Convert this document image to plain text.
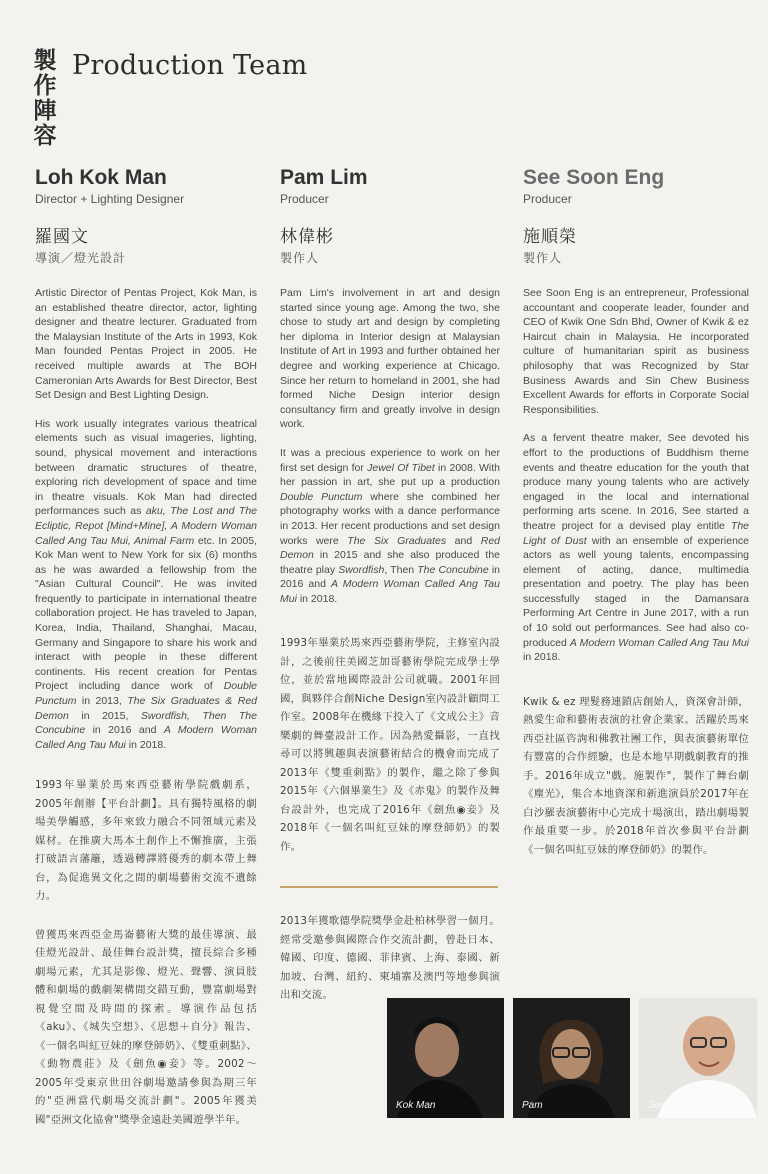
製
作
陣
容
Production Team
Loh Kok Man
Director + Lighting Designer
羅國文
導演／燈光設計

Artistic Director of Pentas Project, Kok Man, is an established theatre director, actor, lighting designer and theatre lecturer. Graduated from the Malaysian Institute of the Arts in 1993, Kok Man founded Pentas Project in 2005. He received multiple awards at The BOH Cameronian Arts Awards for Best Director, Best Set Design and Best Lighting Design.

His work usually integrates various theatrical elements such as visual imageries, lighting, sound, physical movement and interactions between dramatic structures of theatre, exploring rich development of space and time in theatre visuals. Kok Man had directed performances such as aku, The Lost and The Ecliptic, Repot [Mind+Mine], A Modern Woman Called Ang Tau Mui, Animal Farm etc. In 2005, Kok Man went to New York for six (6) months as he was awarded a fellowship from the "Asian Cultural Council". He was invited frequently to participate in international theatre collaboration project. He has traveled to Japan, Korea, India, Thailand, Shanghai, Macau, Germany and Singapore to share his work and interact with people in these different continents. His recent creation for Pentas Project including dance work of Double Punctum in 2013, The Six Graduates & Red Demon in 2015, Swordfish, Then The Concubine in 2016 and A Modern Woman Called Ang Tau Mui in 2018.

1993年畢業於馬來西亞藝術學院戲劇系，2005年創辦【平台計劃】。具有獨特風格的劇場美學觸感，多年來致力融合不同領域元素及媒材。在推廣大馬本土創作上不懈推廣，主張打破語言藩籬，透過轉譯將優秀的劇本帶上舞台，為促進異文化之間的劇場藝術交流不遺餘力。

曾獲馬來西亞金馬崙藝術大獎的最佳導演、最佳燈光設計、最佳舞台設計獎，擅長綜合多種劇場元素，尤其是影像、燈光、聲響、演員肢體和劇場的戲劇架構間交錯互動，豐富劇場對視覺空間及時間的探索。導演作品包括《aku》、《城失空想》、《思想＋自分》報告、《一個名叫紅豆妹的摩登師奶》、《雙重刺點》、《動物農莊》及《劍魚◉妾》等。2002～2005年受東京世田谷劇場邀請參與為期三年的"亞洲當代劇場交流計劃"。2005年獲美國"亞洲文化協會"獎學金遠赴美國遊學半年。

Pam Lim
Producer
林偉彬
製作人

Pam Lim's involvement in art and design started since young age. Among the two, she chose to study art and design by completing her diploma in Interior design at Malaysian Institute of Art in 1993 and further obtained her degree and working experience at Chicago. Since her return to homeland in 2001, she had formed Niche Design interior design consultancy firm and greatly involve in design work.

It was a precious experience to work on her first set design for Jewel Of Tibet in 2008. With her passion in art, she put up a production Double Punctum where she combined her photography works with a dance performance in 2013. Her recent productions and set design works were The Six Graduates and Red Demon in 2015 and she also produced the theatre play Swordfish, Then The Concubine in 2016 and A Modern Woman Called Ang Tau Mui in 2018.

1993年畢業於馬來西亞藝術學院，主修室內設計，之後前往美國芝加哥藝術學院完成學士學位，並於當地國際設計公司就職。2001年回國，與夥伴合創Niche Design室內設計顧問工作室。2008年在機緣下投入了《文成公主》音樂劇的舞臺設計工作。因為熱愛攝影，一直找尋可以將興趣與表演藝術結合的機會而完成了2013年《雙重刺點》的製作，繼之除了參與2015年《六個畢業生》及《赤鬼》的製作及舞台設計外，也完成了2016年《劍魚◉妾》及2018年《一個名叫紅豆妹的摩登師奶》的製作。

2013年獲歌德學院獎學金赴柏林學習一個月。經常受邀參與國際合作交流計劃，曾赴日本、韓國、印度、德國、菲律賓、上海、泰國、新加坡、台灣、紐約、柬埔寨及澳門等地參與演出和交流。

See Soon Eng
Producer
施順榮
製作人

See Soon Eng is an entrepreneur, Professional accountant and cooperate leader, founder and CEO of Kwik One Sdn Bhd, Owner of Kwik & ez Haircut chain in Malaysia. He incorporated culture of humanitarian spirit as business philosophy that was Recognized by Star Business Awards and Sin Chew Business Excellent Awards for efforts in Corporate Social Responsibilities.

As a fervent theatre maker, See devoted his effort to the productions of Buddhism theme events and theatre education for the youth that produce many young talents who are actively engaged in the local and international performing arts scene. In 2016, See started a theatre project for a devised play entitle The Light of Dust with an ensemble of experience actors as well young talents, encompassing element of acting, dance, multimedia presentation and poetry. The play has been successfully staged in the Damansara Performing Art Centre in June 2017, with a run of 10 sold out performances. See had also co-produced A Modern Woman Called Ang Tau Mui in 2018.

Kwik & ez 理髮務連鎖店創始人，資深會計師，熱愛生命和藝術表演的社會企業家。活躍於馬來西亞社區咨詢和佛教社團工作，與表演藝術單位有豐富的合作經驗，也是本地早期戲劇教育的推手。2016年成立"戲。施製作"，製作了舞台劇《塵光》，集合本地資深和新進演員於2017年在白沙羅表演藝術中心完成十場演出，踏出劇場製作最重要一步。於2018年首次參與平台計劃《一個名叫紅豆妹的摩登師奶》的製作。

Kok Man	Pam	See
